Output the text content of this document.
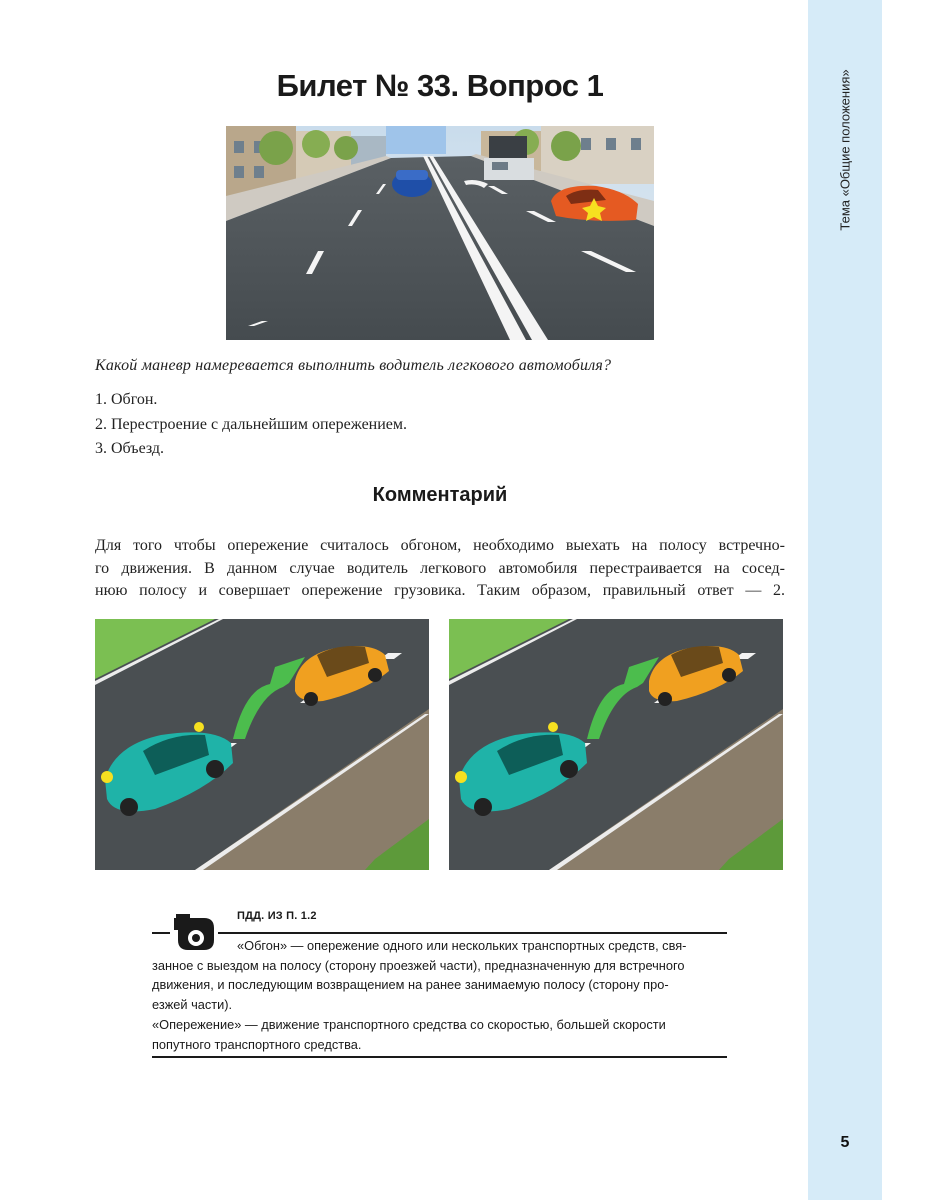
Тема «Общие положения»
5
Билет № 33. Вопрос 1
Какой маневр намеревается выполнить водитель легкового автомобиля?
1. Обгон.
2. Перестроение с дальнейшим опережением.
3. Объезд.
Комментарий
Для того чтобы опережение считалось обгоном, необходимо выехать на полосу встречно-
го движения. В данном случае водитель легкового автомобиля перестраивается на сосед-
нюю полосу и совершает опережение грузовика. Таким образом, правильный ответ — 2.
ПДД. ИЗ П. 1.2
«Обгон» — опережение одного или нескольких транспортных средств, свя-
занное с выездом на полосу (сторону проезжей части), предназначенную для встречного
движения, и последующим возвращением на ранее занимаемую полосу (сторону про-
езжей части).
«Опережение» — движение транспортного средства со скоростью, большей скорости
попутного транспортного средства.
